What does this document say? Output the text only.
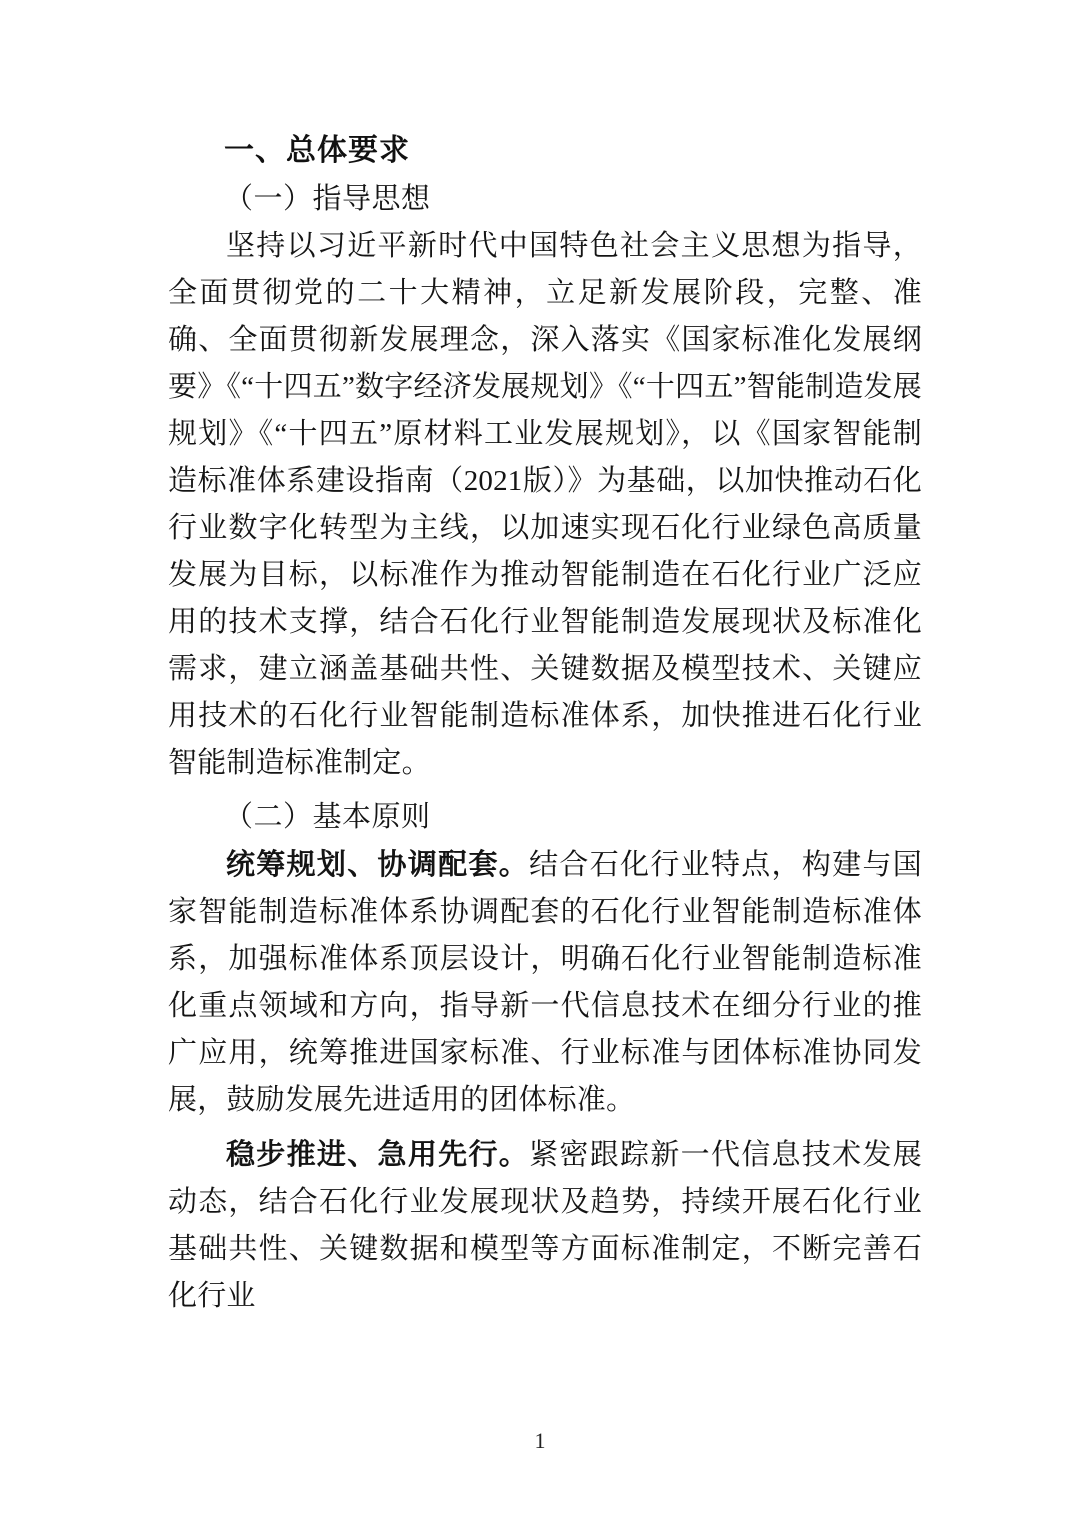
一、总体要求
（一）指导思想

坚持以习近平新时代中国特色社会主义思想为指导，全面贯彻党的二十大精神，立足新发展阶段，完整、准确、全面贯彻新发展理念，深入落实《国家标准化发展纲要》《“十四五”数字经济发展规划》《“十四五”智能制造发展规划》《“十四五”原材料工业发展规划》，以《国家智能制造标准体系建设指南（2021版）》为基础，以加快推动石化行业数字化转型为主线，以加速实现石化行业绿色高质量发展为目标，以标准作为推动智能制造在石化行业广泛应用的技术支撑，结合石化行业智能制造发展现状及标准化需求，建立涵盖基础共性、关键数据及模型技术、关键应用技术的石化行业智能制造标准体系，加快推进石化行业智能制造标准制定。

（二）基本原则

统筹规划、协调配套。结合石化行业特点，构建与国家智能制造标准体系协调配套的石化行业智能制造标准体系，加强标准体系顶层设计，明确石化行业智能制造标准化重点领域和方向，指导新一代信息技术在细分行业的推广应用，统筹推进国家标准、行业标准与团体标准协同发展，鼓励发展先进适用的团体标准。

稳步推进、急用先行。紧密跟踪新一代信息技术发展动态，结合石化行业发展现状及趋势，持续开展石化行业基础共性、关键数据和模型等方面标准制定，不断完善石化行业

1
